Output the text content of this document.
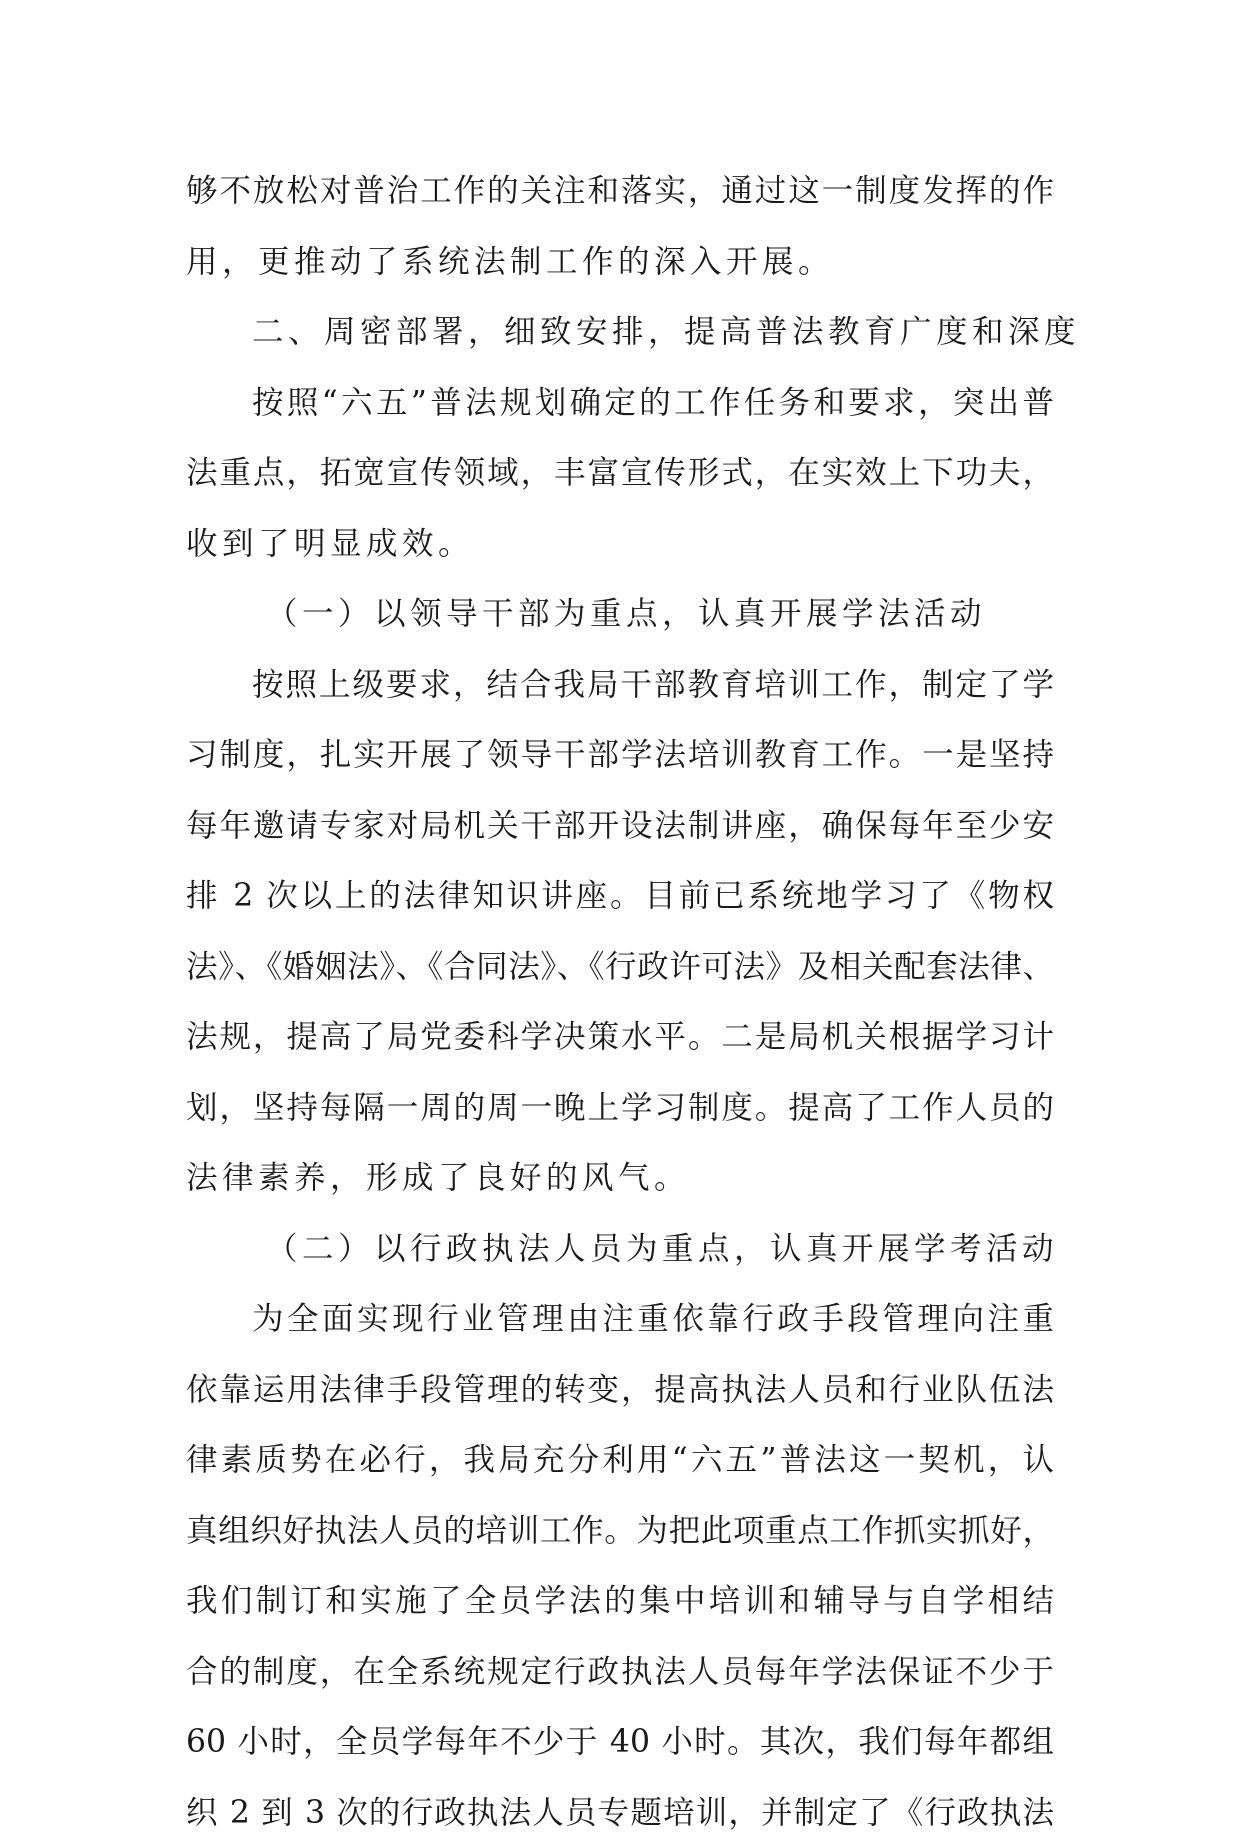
够不放松对普治工作的关注和落实，通过这一制度发挥的作
用，更推动了系统法制工作的深入开展。
二、周密部署，细致安排，提高普法教育广度和深度
按照“六五”普法规划确定的工作任务和要求，突出普
法重点，拓宽宣传领域，丰富宣传形式，在实效上下功夫，
收到了明显成效。
（一）以领导干部为重点，认真开展学法活动
按照上级要求，结合我局干部教育培训工作，制定了学
习制度，扎实开展了领导干部学法培训教育工作。一是坚持
每年邀请专家对局机关干部开设法制讲座，确保每年至少安
排 2 次以上的法律知识讲座。目前已系统地学习了《物权
法》、《婚姻法》、《合同法》、《行政许可法》及相关配套法律、
法规，提高了局党委科学决策水平。二是局机关根据学习计
划，坚持每隔一周的周一晚上学习制度。提高了工作人员的
法律素养，形成了良好的风气。
（二）以行政执法人员为重点，认真开展学考活动
为全面实现行业管理由注重依靠行政手段管理向注重
依靠运用法律手段管理的转变，提高执法人员和行业队伍法
律素质势在必行，我局充分利用“六五”普法这一契机，认
真组织好执法人员的培训工作。为把此项重点工作抓实抓好，
我们制订和实施了全员学法的集中培训和辅导与自学相结
合的制度，在全系统规定行政执法人员每年学法保证不少于
60 小时，全员学每年不少于 40 小时。其次，我们每年都组
织 2 到 3 次的行政执法人员专题培训，并制定了《行政执法
